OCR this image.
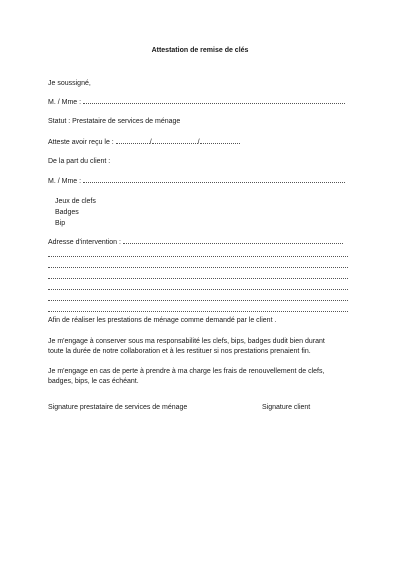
Attestation de remise de clés
Je soussigné,
M. / Mme :
Statut : Prestataire de services de ménage
Atteste avoir reçu le :	/	/
De la part du client :
M. / Mme :
Jeux de clefs
Badges
Bip
Adresse d'intervention :
Afin de réaliser les prestations de ménage comme demandé par le client .
Je m'engage à conserver sous ma responsabilité les clefs, bips, badges dudit bien durant
toute la durée de notre collaboration et à les restituer si nos prestations prenaient fin.
Je m'engage en cas de perte à prendre à ma charge les frais de renouvellement de clefs,
badges, bips, le cas échéant.
Signature prestataire de services de ménage	Signature client
